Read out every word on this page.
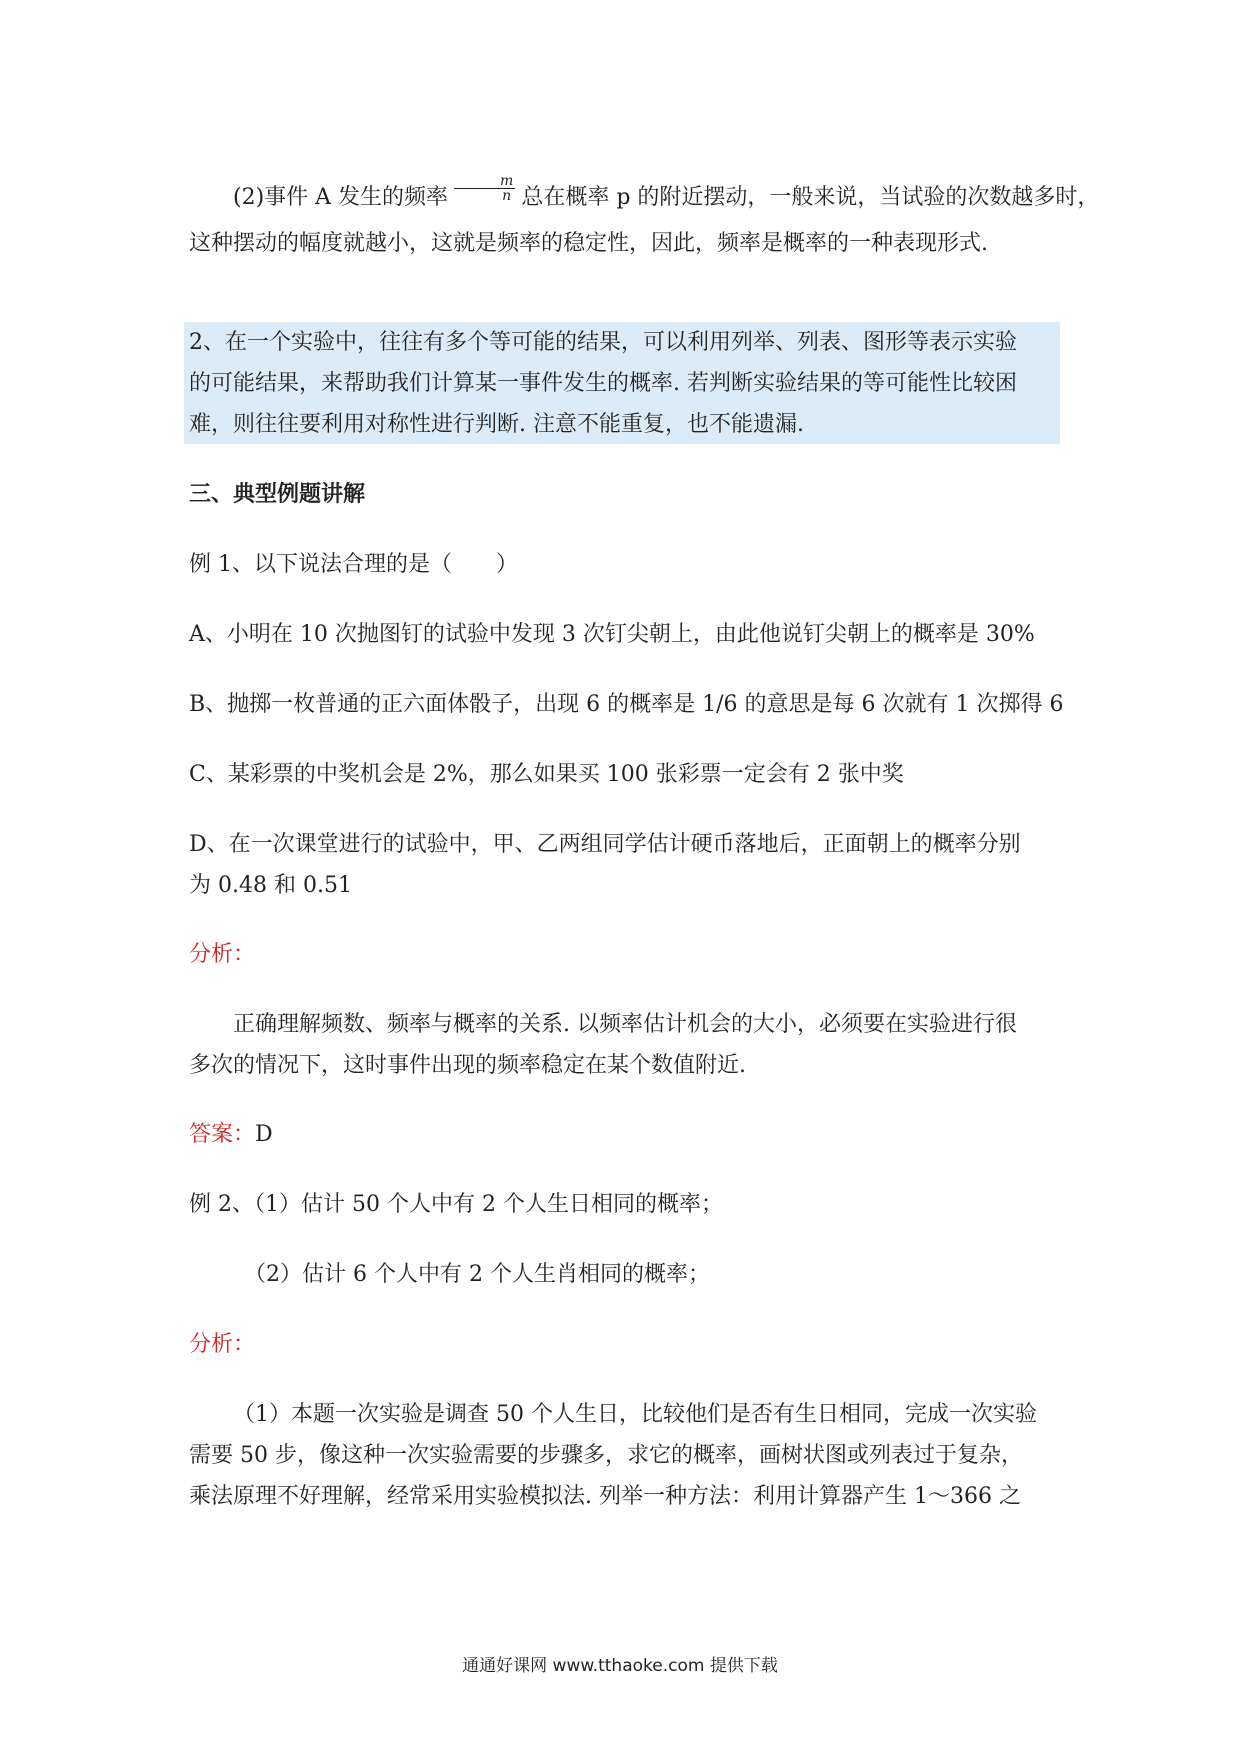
(2)事件 A 发生的频率 $\frac{m}{n}$ 总在概率 p 的附近摆动，一般来说，当试验的次数越多时，
这种摆动的幅度就越小，这就是频率的稳定性，因此，频率是概率的一种表现形式.
2、在一个实验中，往往有多个等可能的结果，可以利用列举、列表、图形等表示实验
的可能结果，来帮助我们计算某一事件发生的概率. 若判断实验结果的等可能性比较困
难，则往往要利用对称性进行判断. 注意不能重复，也不能遗漏.
三、典型例题讲解
例 1、以下说法合理的是（　　）
A、小明在 10 次抛图钉的试验中发现 3 次钉尖朝上，由此他说钉尖朝上的概率是 30%
B、抛掷一枚普通的正六面体骰子，出现 6 的概率是 1/6 的意思是每 6 次就有 1 次掷得 6
C、某彩票的中奖机会是 2%，那么如果买 100 张彩票一定会有 2 张中奖
D、在一次课堂进行的试验中，甲、乙两组同学估计硬币落地后，正面朝上的概率分别
为 0.48 和 0.51
分析：
正确理解频数、频率与概率的关系. 以频率估计机会的大小，必须要在实验进行很
多次的情况下，这时事件出现的频率稳定在某个数值附近.
答案：D
例 2、（1）估计 50 个人中有 2 个人生日相同的概率；
（2）估计 6 个人中有 2 个人生肖相同的概率；
分析：
（1）本题一次实验是调查 50 个人生日，比较他们是否有生日相同，完成一次实验
需要 50 步，像这种一次实验需要的步骤多，求它的概率，画树状图或列表过于复杂，
乘法原理不好理解，经常采用实验模拟法. 列举一种方法：利用计算器产生 1～366 之
通通好课网 www.tthaoke.com 提供下载
